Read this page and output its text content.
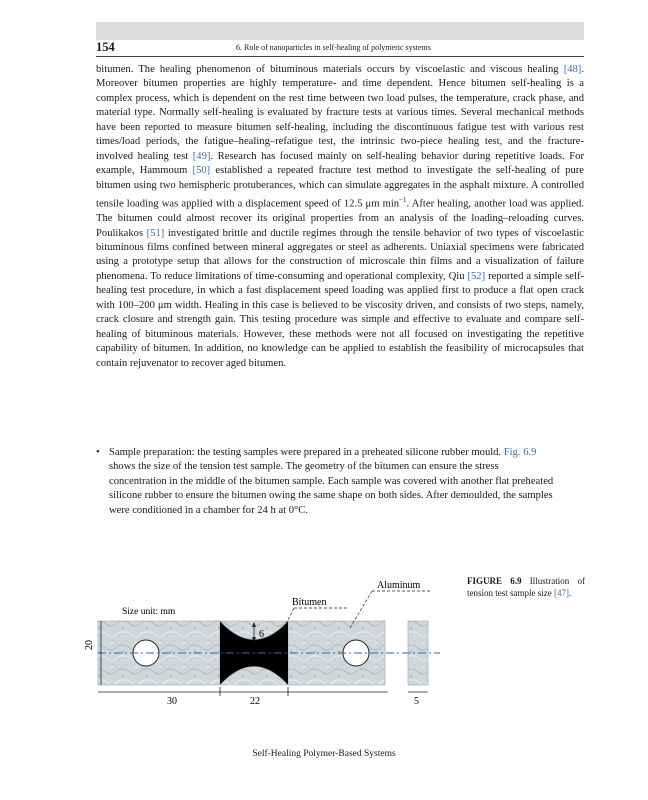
154	6. Role of nanoparticles in self-healing of polymeric systems

bitumen. The healing phenomenon of bituminous materials occurs by viscoelastic and viscous healing [48]. Moreover bitumen properties are highly temperature- and time dependent. Hence bitumen self-healing is a complex process, which is dependent on the rest time between two load pulses, the temperature, crack phase, and material type. Normally self-healing is evaluated by fracture tests at various times. Several mechanical methods have been reported to measure bitumen self-healing, including the discontinuous fatigue test with various rest times/load periods, the fatigue–healing–refatigue test, the intrinsic two-piece healing test, and the fracture-involved healing test [49]. Research has focused mainly on self-healing behavior during repetitive loads. For example, Hammoum [50] established a repeated fracture test method to investigate the self-healing of pure bitumen using two hemispheric protuberances, which can simulate aggregates in the asphalt mixture. A controlled tensile loading was applied with a displacement speed of 12.5 μm $\min^{-1}$. After healing, another load was applied. The bitumen could almost recover its original properties from an analysis of the loading–reloading curves. Poulikakos [51] investigated brittle and ductile regimes through the tensile behavior of two types of viscoelastic bituminous films confined between mineral aggregates or steel as adherents. Uniaxial specimens were fabricated using a prototype setup that allows for the construction of microscale thin films and a visualization of failure phenomena. To reduce limitations of time-consuming and operational complexity, Qiu [52] reported a simple self-healing test procedure, in which a fast displacement speed loading was applied first to produce a flat open crack with 100–200 μm width. Healing in this case is believed to be viscosity driven, and consists of two steps, namely, crack closure and strength gain. This testing procedure was simple and effective to evaluate and compare self-healing of bituminous materials. However, these methods were not all focused on investigating the repetitive capability of bitumen. In addition, no knowledge can be applied to establish the feasibility of microcapsules that contain rejuvenator to recover aged bitumen.

• Sample preparation: the testing samples were prepared in a preheated silicone rubber mould. Fig. 6.9 shows the size of the tension test sample. The geometry of the bitumen can ensure the stress concentration in the middle of the bitumen sample. Each sample was covered with another flat preheated silicone rubber to ensure the bitumen owing the same shape on both sides. After demoulded, the samples were conditioned in a chamber for 24 h at 0°C.
6
20
30	22	5
Size unit: mm
Bitumen
Aluminum	FIGURE 6.9 Illustration of tension test sample size [47].
Self-Healing Polymer-Based Systems
